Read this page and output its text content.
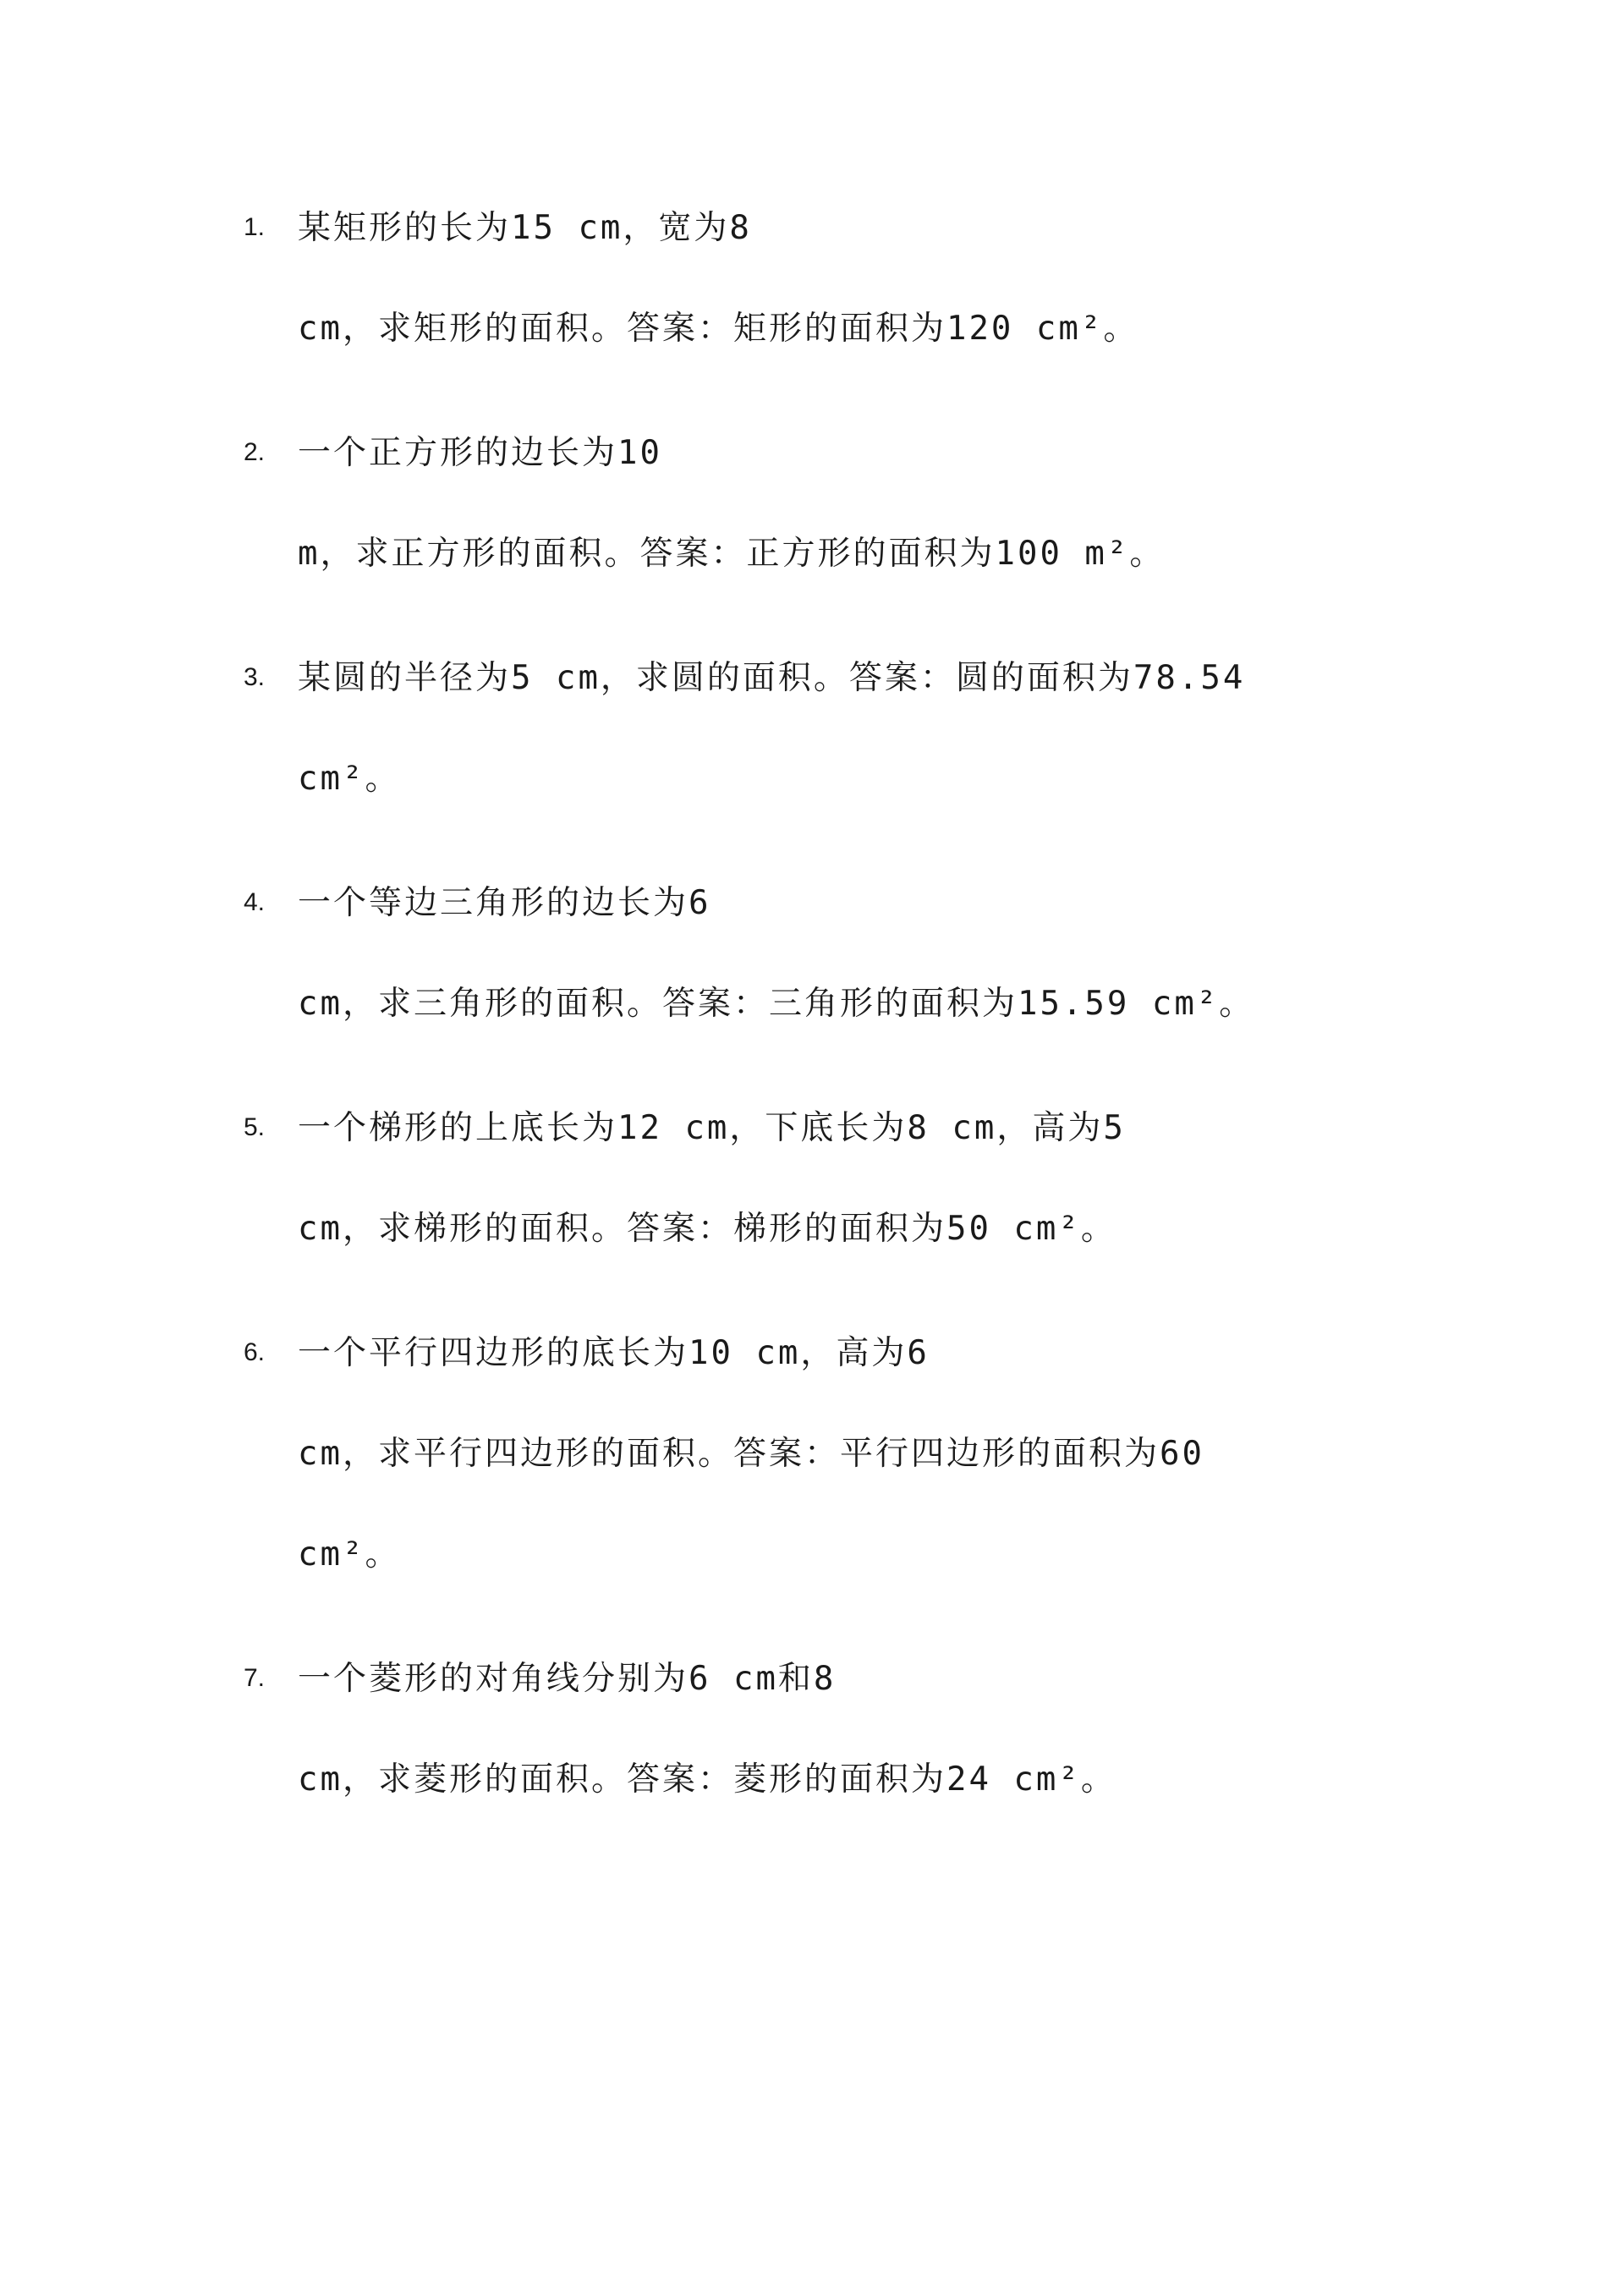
1. 某矩形的长为15 cm，宽为8
cm，求矩形的面积。答案：矩形的面积为120 cm²。
2. 一个正方形的边长为10
m，求正方形的面积。答案：正方形的面积为100 m²。
3. 某圆的半径为5 cm，求圆的面积。答案：圆的面积为78.54
cm²。
4. 一个等边三角形的边长为6
cm，求三角形的面积。答案：三角形的面积为15.59 cm²。
5. 一个梯形的上底长为12 cm，下底长为8 cm，高为5
cm，求梯形的面积。答案：梯形的面积为50 cm²。
6. 一个平行四边形的底长为10 cm，高为6
cm，求平行四边形的面积。答案：平行四边形的面积为60
cm²。
7. 一个菱形的对角线分别为6 cm和8
cm，求菱形的面积。答案：菱形的面积为24 cm²。
